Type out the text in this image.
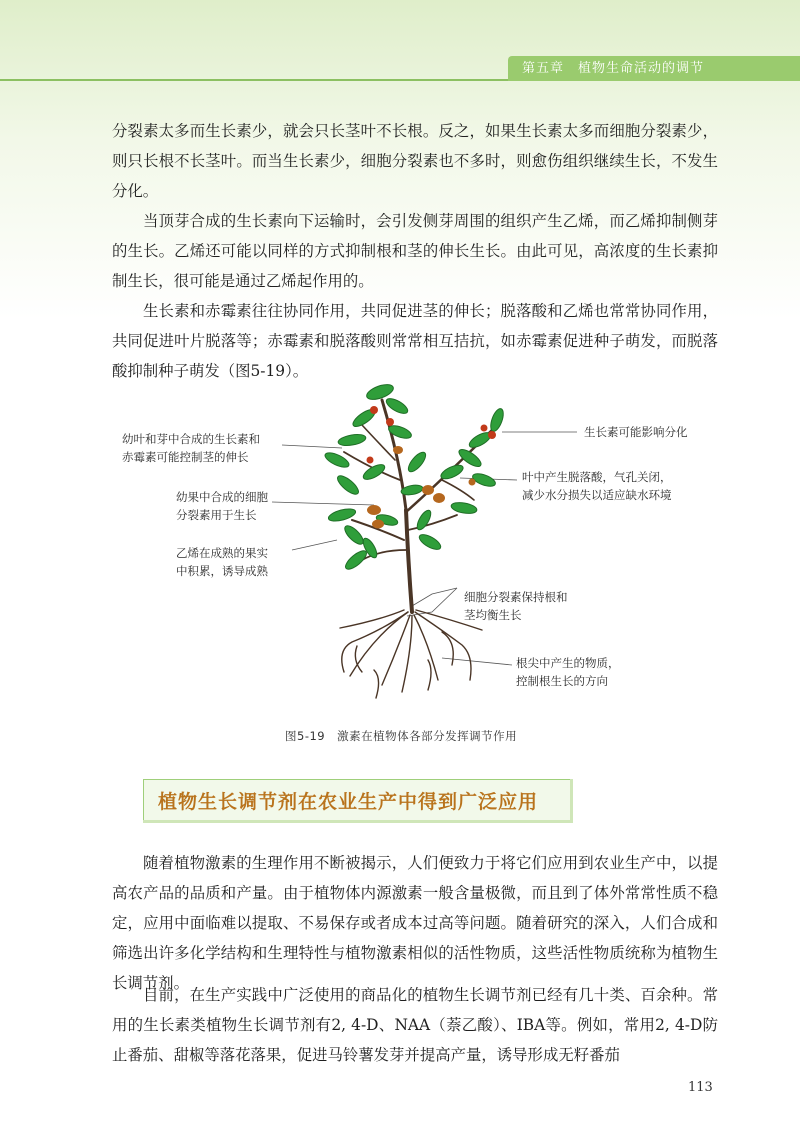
第五章　植物生命活动的调节

分裂素太多而生长素少，就会只长茎叶不长根。反之，如果生长素太多而细胞分裂素少，则只长根不长茎叶。而当生长素少，细胞分裂素也不多时，则愈伤组织继续生长，不发生分化。

当顶芽合成的生长素向下运输时，会引发侧芽周围的组织产生乙烯，而乙烯抑制侧芽的生长。乙烯还可能以同样的方式抑制根和茎的伸长生长。由此可见，高浓度的生长素抑制生长，很可能是通过乙烯起作用的。

生长素和赤霉素往往协同作用，共同促进茎的伸长；脱落酸和乙烯也常常协同作用，共同促进叶片脱落等；赤霉素和脱落酸则常常相互拮抗，如赤霉素促进种子萌发，而脱落酸抑制种子萌发（图5-19）。

幼叶和芽中合成的生长素和
赤霉素可能控制茎的伸长
幼果中合成的细胞
分裂素用于生长
乙烯在成熟的果实
中积累，诱导成熟
生长素可能影响分化
叶中产生脱落酸，气孔关闭，
减少水分损失以适应缺水环境
细胞分裂素保持根和
茎均衡生长
根尖中产生的物质，
控制根生长的方向
图5-19　激素在植物体各部分发挥调节作用
植物生长调节剂在农业生产中得到广泛应用

随着植物激素的生理作用不断被揭示，人们便致力于将它们应用到农业生产中，以提高农产品的品质和产量。由于植物体内源激素一般含量极微，而且到了体外常常性质不稳定，应用中面临难以提取、不易保存或者成本过高等问题。随着研究的深入，人们合成和筛选出许多化学结构和生理特性与植物激素相似的活性物质，这些活性物质统称为植物生长调节剂。

目前，在生产实践中广泛使用的商品化的植物生长调节剂已经有几十类、百余种。常用的生长素类植物生长调节剂有2, 4-D、NAA（萘乙酸）、IBA等。例如，常用2, 4-D防止番茄、甜椒等落花落果，促进马铃薯发芽并提高产量，诱导形成无籽番茄

113
